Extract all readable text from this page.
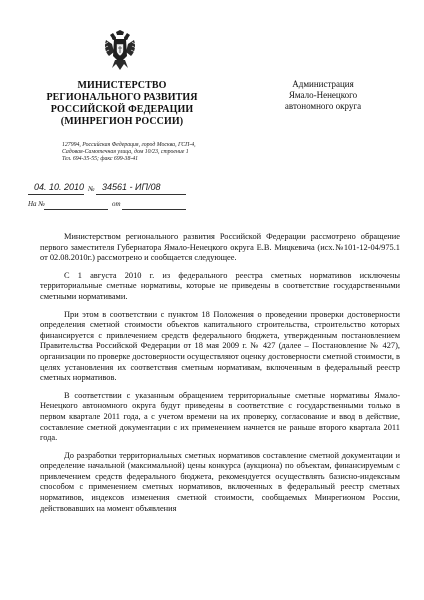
МИНИСТЕРСТВО
РЕГИОНАЛЬНОГО РАЗВИТИЯ
РОССИЙСКОЙ ФЕДЕРАЦИИ
(МИНРЕГИОН РОССИИ)
127994, Российская Федерация, город Москва, ГСП-4,
Садовая-Самотечная улица, дом 10/23, строение 1
Тел. 694-35-55; факс 699-38-41
Администрация
Ямало-Ненецкого
автономного округа
04. 10. 2010 № 34561 - ИП/08
На №	от

Министерством регионального развития Российской Федерации рассмотрено обращение первого заместителя Губернатора Ямало-Ненецкого округа Е.В. Мицкевича (исх.№101-12-04/975.1 от 02.08.2010г.) рассмотрено и сообщается следующее.

С 1 августа 2010 г. из федерального реестра сметных нормативов исключены территориальные сметные нормативы, которые не приведены в соответствие государственными сметными нормативами.

При этом в соответствии с пунктом 18 Положения о проведении проверки достоверности определения сметной стоимости объектов капитального строительства, строительство которых финансируется с привлечением средств федерального бюджета, утвержденным постановлением Правительства Российской Федерации от 18 мая 2009 г. № 427 (далее – Постановление № 427), организации по проверке достоверности осуществляют оценку достоверности сметной стоимости, в целях установления их соответствия сметным нормативам, включенным в федеральный реестр сметных нормативов.

В соответствии с указанным обращением территориальные сметные нормативы Ямало-Ненецкого автономного округа будут приведены в соответствие с государственными только в первом квартале 2011 года, а с учетом времени на их проверку, согласование и ввод в действие, составление сметной документации с их применением начнется не раньше второго квартала 2011 года.

До разработки территориальных сметных нормативов составление сметной документации и определение начальной (максимальной) цены конкурса (аукциона) по объектам, финансируемым с привлечением средств федерального бюджета, рекомендуется осуществлять базисно-индексным способом с применением сметных нормативов, включенных в федеральный реестр сметных нормативов, индексов изменения сметной стоимости, сообщаемых Минрегионом России, действовавших на момент объявления
